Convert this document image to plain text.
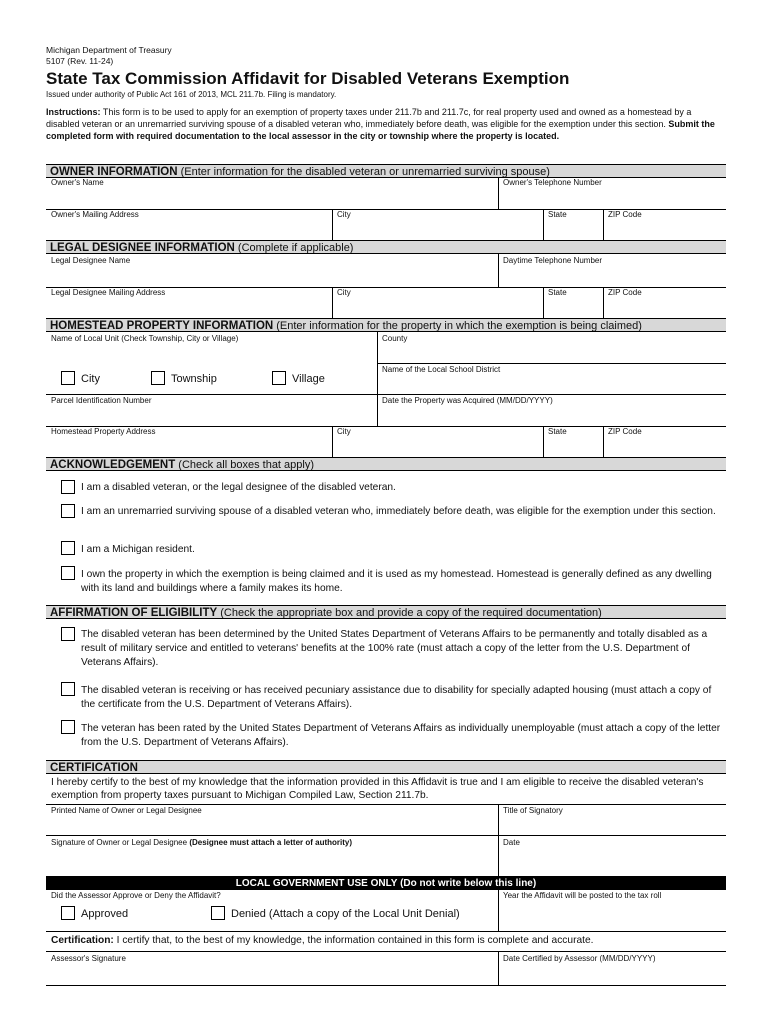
Michigan Department of Treasury
5107 (Rev. 11-24)
State Tax Commission Affidavit for Disabled Veterans Exemption
Issued under authority of Public Act 161 of 2013, MCL 211.7b. Filing is mandatory.
Instructions: This form is to be used to apply for an exemption of property taxes under 211.7b and 211.7c, for real property used and owned as a homestead by a disabled veteran or an unremarried surviving spouse of a disabled veteran who, immediately before death, was eligible for the exemption under this section. Submit the completed form with required documentation to the local assessor in the city or township where the property is located.
OWNER INFORMATION (Enter information for the disabled veteran or unremarried surviving spouse)
Owner's Name	Owner's Telephone Number
Owner's Mailing Address	City	State	ZIP Code
LEGAL DESIGNEE INFORMATION (Complete if applicable)
Legal Designee Name	Daytime Telephone Number
Legal Designee Mailing Address	City	State	ZIP Code
HOMESTEAD PROPERTY INFORMATION (Enter information for the property in which the exemption is being claimed)
Name of Local Unit (Check Township, City or Village)	County
Name of the Local School District
City	Township	Village
Parcel Identification Number	Date the Property was Acquired (MM/DD/YYYY)
Homestead Property Address	City	State	ZIP Code
ACKNOWLEDGEMENT (Check all boxes that apply)
I am a disabled veteran, or the legal designee of the disabled veteran.
I am an unremarried surviving spouse of a disabled veteran who, immediately before death, was eligible for the exemption under this section.
I am a Michigan resident.
I own the property in which the exemption is being claimed and it is used as my homestead. Homestead is generally defined as any dwelling with its land and buildings where a family makes its home.
AFFIRMATION OF ELIGIBILITY (Check the appropriate box and provide a copy of the required documentation)
The disabled veteran has been determined by the United States Department of Veterans Affairs to be permanently and totally disabled as a result of military service and entitled to veterans' benefits at the 100% rate (must attach a copy of the letter from the U.S. Department of Veterans Affairs).
The disabled veteran is receiving or has received pecuniary assistance due to disability for specially adapted housing (must attach a copy of the certificate from the U.S. Department of Veterans Affairs).
The veteran has been rated by the United States Department of Veterans Affairs as individually unemployable (must attach a copy of the letter from the U.S. Department of Veterans Affairs).
CERTIFICATION
I hereby certify to the best of my knowledge that the information provided in this Affidavit is true and I am eligible to receive the disabled veteran's exemption from property taxes pursuant to Michigan Compiled Law, Section 211.7b.
Printed Name of Owner or Legal Designee	Title of Signatory
Signature of Owner or Legal Designee (Designee must attach a letter of authority)	Date
LOCAL GOVERNMENT USE ONLY (Do not write below this line)
Did the Assessor Approve or Deny the Affidavit?	Year the Affidavit will be posted to the tax roll
Approved	Denied (Attach a copy of the Local Unit Denial)
Certification: I certify that, to the best of my knowledge, the information contained in this form is complete and accurate.
Assessor's Signature	Date Certified by Assessor (MM/DD/YYYY)
